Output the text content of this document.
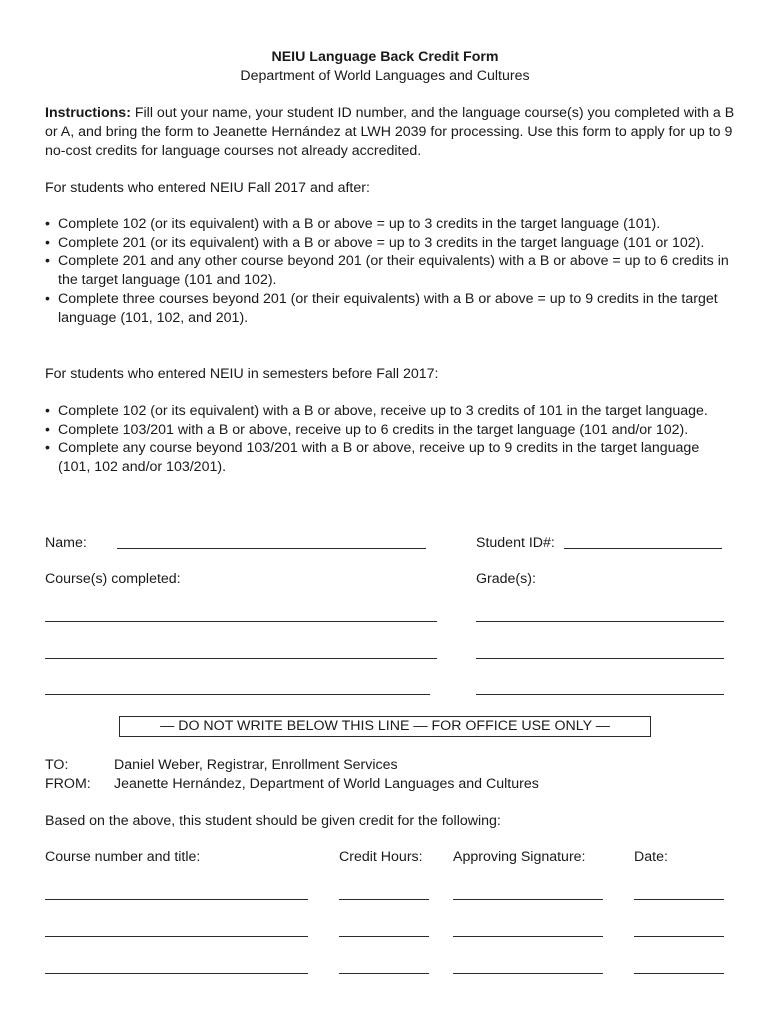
NEIU Language Back Credit Form
Department of World Languages and Cultures
Instructions: Fill out your name, your student ID number, and the language course(s) you completed with a B or A, and bring the form to Jeanette Hernández at LWH 2039 for processing. Use this form to apply for up to 9 no-cost credits for language courses not already accredited.
For students who entered NEIU Fall 2017 and after:
• Complete 102 (or its equivalent) with a B or above = up to 3 credits in the target language (101).
• Complete 201 (or its equivalent) with a B or above = up to 3 credits in the target language (101 or 102).
• Complete 201 and any other course beyond 201 (or their equivalents) with a B or above = up to 6 credits in the target language (101 and 102).
• Complete three courses beyond 201 (or their equivalents) with a B or above = up to 9 credits in the target language (101, 102, and 201).
For students who entered NEIU in semesters before Fall 2017:
• Complete 102 (or its equivalent) with a B or above, receive up to 3 credits of 101 in the target language.
• Complete 103/201 with a B or above, receive up to 6 credits in the target language (101 and/or 102).
• Complete any course beyond 103/201 with a B or above, receive up to 9 credits in the target language (101, 102 and/or 103/201).
Name:	Student ID#:
Course(s) completed:	Grade(s):
— DO NOT WRITE BELOW THIS LINE — FOR OFFICE USE ONLY —
TO:	Daniel Weber, Registrar, Enrollment Services
FROM: Jeanette Hernández, Department of World Languages and Cultures
Based on the above, this student should be given credit for the following:
Course number and title:	Credit Hours: Approving Signature:	Date:
